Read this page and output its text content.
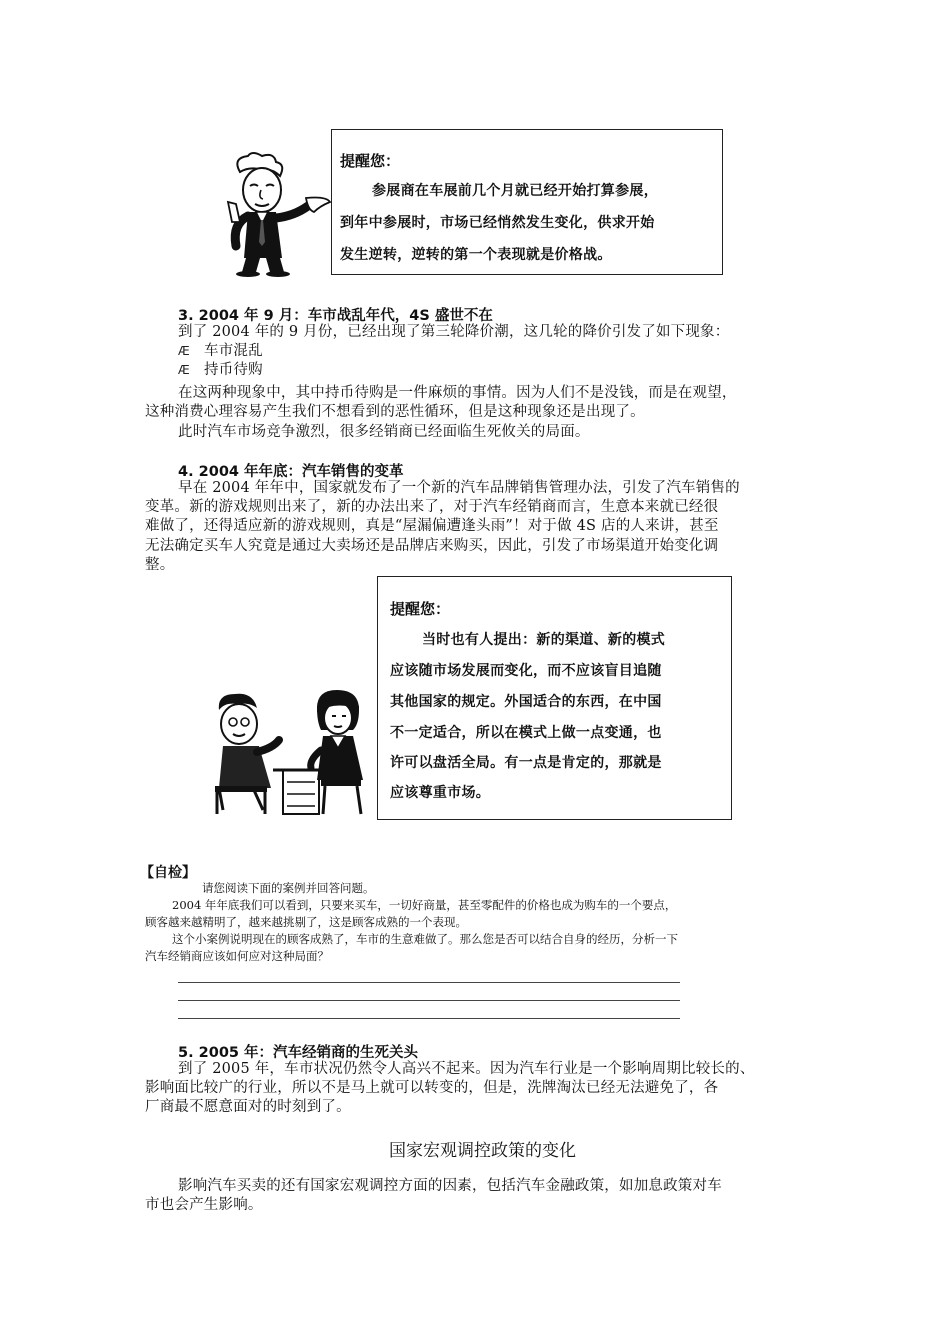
提醒您：
参展商在车展前几个月就已经开始打算参展，
到年中参展时，市场已经悄然发生变化，供求开始
发生逆转，逆转的第一个表现就是价格战。
3. 2004 年 9 月：车市战乱年代，4S 盛世不在
到了 2004 年的 9 月份，已经出现了第三轮降价潮，这几轮的降价引发了如下现象：
Æ 车市混乱
Æ 持币待购
在这两种现象中，其中持币待购是一件麻烦的事情。因为人们不是没钱，而是在观望，
这种消费心理容易产生我们不想看到的恶性循环，但是这种现象还是出现了。
此时汽车市场竞争激烈，很多经销商已经面临生死攸关的局面。
4. 2004 年年底：汽车销售的变革
早在 2004 年年中，国家就发布了一个新的汽车品牌销售管理办法，引发了汽车销售的
变革。新的游戏规则出来了，新的办法出来了，对于汽车经销商而言，生意本来就已经很
难做了，还得适应新的游戏规则，真是“屋漏偏遭逢头雨”！对于做 4S 店的人来讲，甚至
无法确定买车人究竟是通过大卖场还是品牌店来购买，因此，引发了市场渠道开始变化调
整。
提醒您：
当时也有人提出：新的渠道、新的模式
应该随市场发展而变化，而不应该盲目追随
其他国家的规定。外国适合的东西，在中国
不一定适合，所以在模式上做一点变通，也
许可以盘活全局。有一点是肯定的，那就是
应该尊重市场。
【自检】
请您阅读下面的案例并回答问题。
2004 年年底我们可以看到，只要来买车，一切好商量，甚至零配件的价格也成为购车的一个要点，
顾客越来越精明了，越来越挑剔了，这是顾客成熟的一个表现。
这个小案例说明现在的顾客成熟了，车市的生意难做了。那么您是否可以结合自身的经历，分析一下
汽车经销商应该如何应对这种局面？
5. 2005 年：汽车经销商的生死关头
到了 2005 年，车市状况仍然令人高兴不起来。因为汽车行业是一个影响周期比较长的、
影响面比较广的行业，所以不是马上就可以转变的，但是，洗牌淘汰已经无法避免了，各
厂商最不愿意面对的时刻到了。
国家宏观调控政策的变化
影响汽车买卖的还有国家宏观调控方面的因素，包括汽车金融政策，如加息政策对车
市也会产生影响。
